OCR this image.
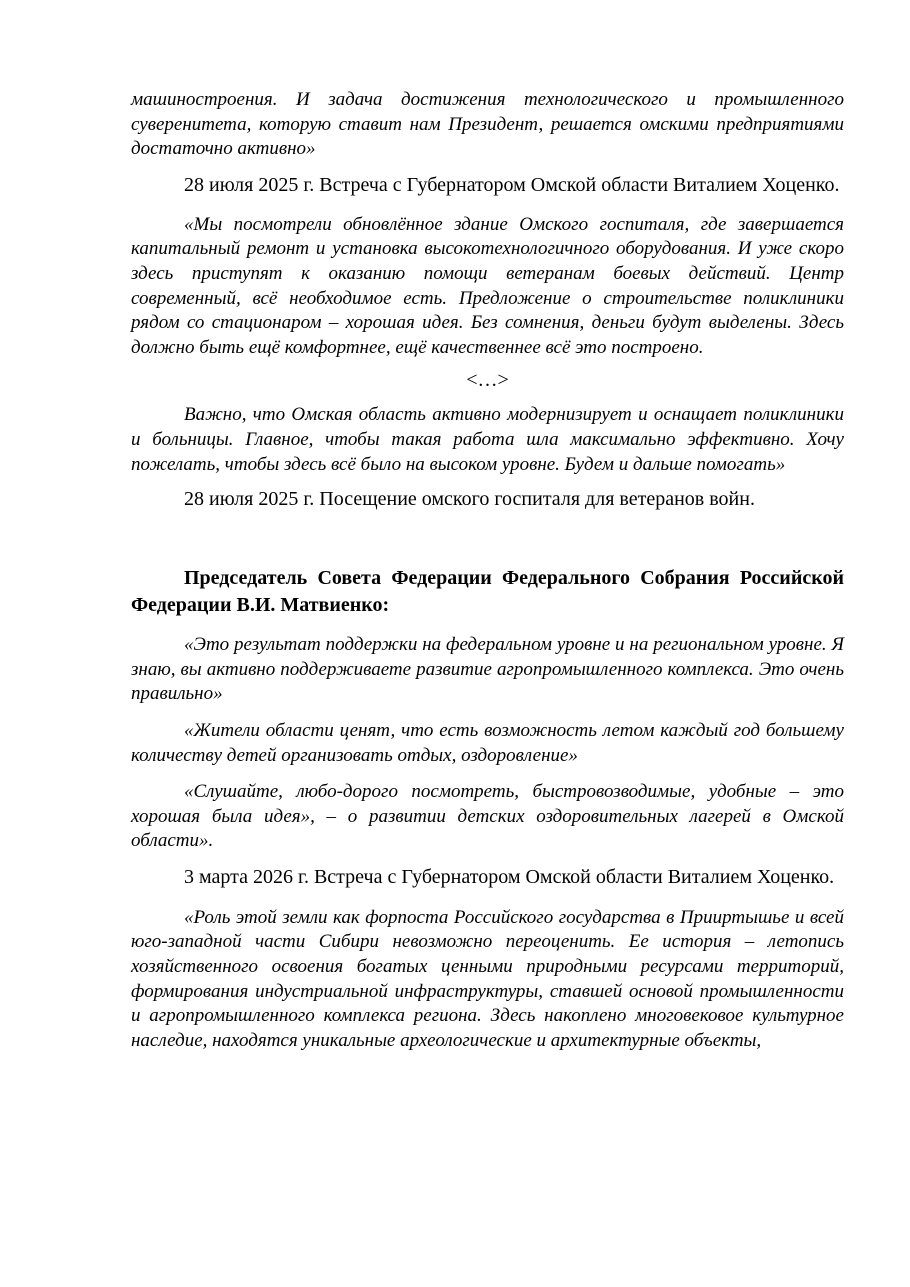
машиностроения. И задача достижения технологического и промышленного суверенитета, которую ставит нам Президент, решается омскими предприятиями достаточно активно»

28 июля 2025 г. Встреча с Губернатором Омской области Виталием Хоценко.

«Мы посмотрели обновлённое здание Омского госпиталя, где завершается капитальный ремонт и установка высокотехнологичного оборудования. И уже скоро здесь приступят к оказанию помощи ветеранам боевых действий. Центр современный, всё необходимое есть. Предложение о строительстве поликлиники рядом со стационаром – хорошая идея. Без сомнения, деньги будут выделены. Здесь должно быть ещё комфортнее, ещё качественнее всё это построено.

<…>

Важно, что Омская область активно модернизирует и оснащает поликлиники и больницы. Главное, чтобы такая работа шла максимально эффективно. Хочу пожелать, чтобы здесь всё было на высоком уровне. Будем и дальше помогать»

28 июля 2025 г. Посещение омского госпиталя для ветеранов войн.

Председатель Совета Федерации Федерального Собрания Российской Федерации В.И. Матвиенко:

«Это результат поддержки на федеральном уровне и на региональном уровне. Я знаю, вы активно поддерживаете развитие агропромышленного комплекса. Это очень правильно»

«Жители области ценят, что есть возможность летом каждый год большему количеству детей организовать отдых, оздоровление»

«Слушайте, любо-дорого посмотреть, быстровозводимые, удобные – это хорошая была идея», – о развитии детских оздоровительных лагерей в Омской области».

3 марта 2026 г. Встреча с Губернатором Омской области Виталием Хоценко.

«Роль этой земли как форпоста Российского государства в Прииртышье и всей юго-западной части Сибири невозможно переоценить. Ее история – летопись хозяйственного освоения богатых ценными природными ресурсами территорий, формирования индустриальной инфраструктуры, ставшей основой промышленности и агропромышленного комплекса региона. Здесь накоплено многовековое культурное наследие, находятся уникальные археологические и архитектурные объекты,
